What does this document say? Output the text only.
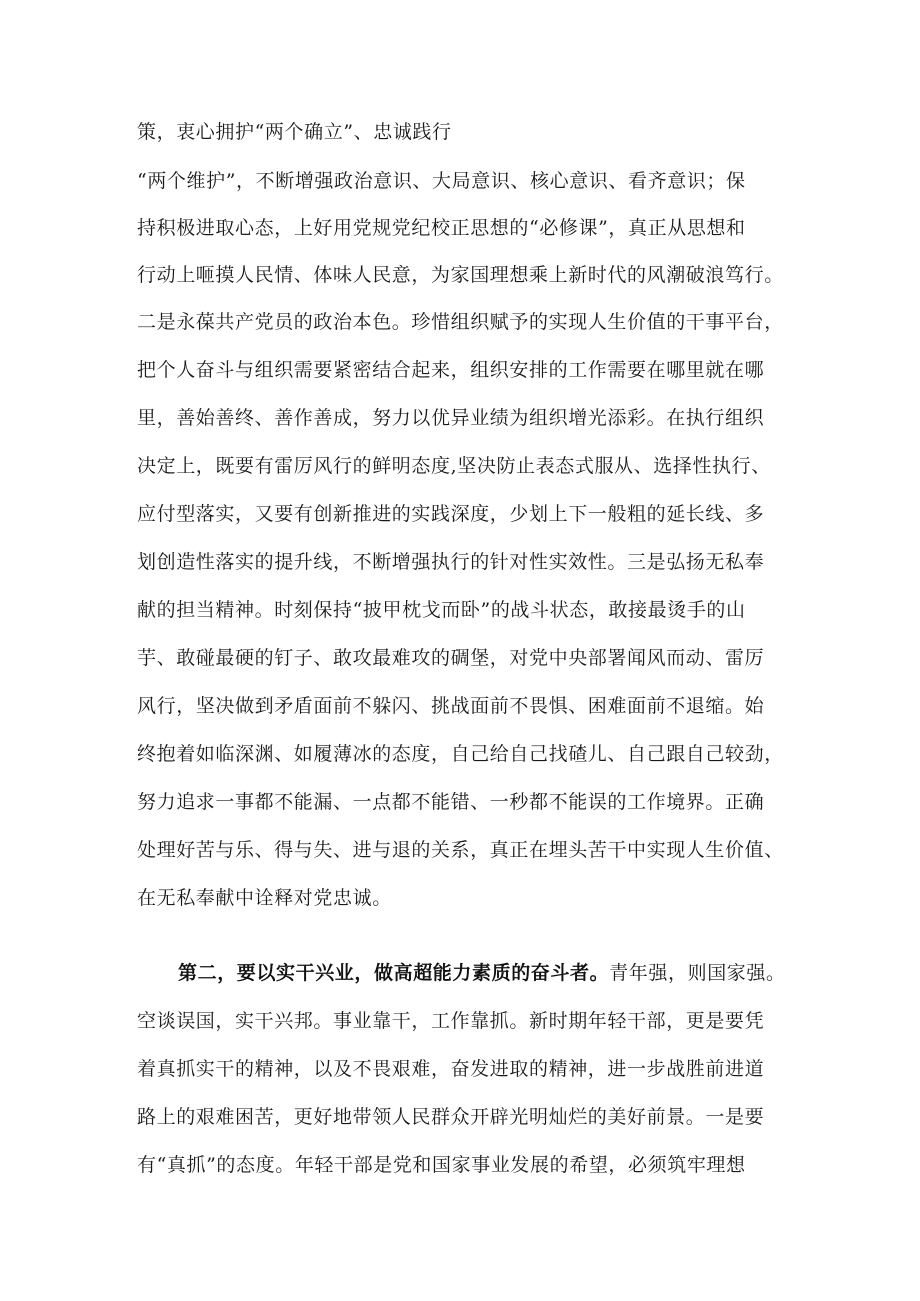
策，衷心拥护“两个确立”、忠诚践行
“两个维护”，不断增强政治意识、大局意识、核心意识、看齐意识；保
持积极进取心态，上好用党规党纪校正思想的“必修课”，真正从思想和
行动上咂摸人民情、体味人民意，为家国理想乘上新时代的风潮破浪笃行。
二是永葆共产党员的政治本色。珍惜组织赋予的实现人生价值的干事平台，
把个人奋斗与组织需要紧密结合起来，组织安排的工作需要在哪里就在哪
里，善始善终、善作善成，努力以优异业绩为组织增光添彩。在执行组织
决定上，既要有雷厉风行的鲜明态度,坚决防止表态式服从、选择性执行、
应付型落实，又要有创新推进的实践深度，少划上下一般粗的延长线、多
划创造性落实的提升线，不断增强执行的针对性实效性。三是弘扬无私奉
献的担当精神。时刻保持“披甲枕戈而卧”的战斗状态，敢接最烫手的山
芋、敢碰最硬的钉子、敢攻最难攻的碉堡，对党中央部署闻风而动、雷厉
风行，坚决做到矛盾面前不躲闪、挑战面前不畏惧、困难面前不退缩。始
终抱着如临深渊、如履薄冰的态度，自己给自己找碴儿、自己跟自己较劲，
努力追求一事都不能漏、一点都不能错、一秒都不能误的工作境界。正确
处理好苦与乐、得与失、进与退的关系，真正在埋头苦干中实现人生价值、
在无私奉献中诠释对党忠诚。
第二，要以实干兴业，做高超能力素质的奋斗者。青年强，则国家强。
空谈误国，实干兴邦。事业靠干，工作靠抓。新时期年轻干部，更是要凭
着真抓实干的精神，以及不畏艰难，奋发进取的精神，进一步战胜前进道
路上的艰难困苦，更好地带领人民群众开辟光明灿烂的美好前景。一是要
有“真抓”的态度。年轻干部是党和国家事业发展的希望，必须筑牢理想
